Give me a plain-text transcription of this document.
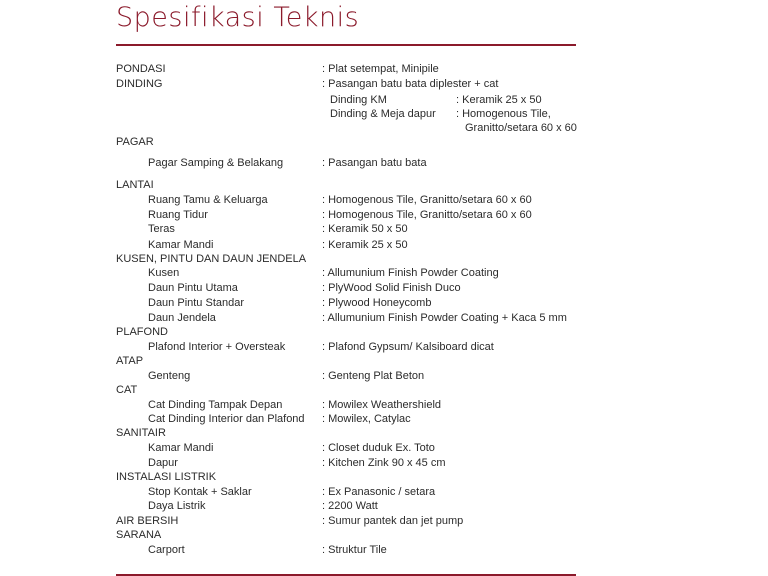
Spesifikasi Teknis
PONDASI	: Plat setempat, Minipile
DINDING	: Pasangan batu bata diplester + cat
Dinding KM	: Keramik 25 x 50
Dinding & Meja dapur : Homogenous Tile,
Granitto/setara 60 x 60
PAGAR
Pagar Samping & Belakang	: Pasangan batu bata
LANTAI
Ruang Tamu & Keluarga	: Homogenous Tile, Granitto/setara 60 x 60
Ruang Tidur	: Homogenous Tile, Granitto/setara 60 x 60
Teras	: Keramik 50 x 50
Kamar Mandi	: Keramik 25 x 50
KUSEN, PINTU DAN DAUN JENDELA
Kusen	: Allumunium Finish Powder Coating
Daun Pintu Utama	: PlyWood Solid Finish Duco
Daun Pintu Standar	: Plywood Honeycomb
Daun Jendela	: Allumunium Finish Powder Coating + Kaca 5 mm
PLAFOND
Plafond Interior + Oversteak	: Plafond Gypsum/ Kalsiboard dicat
ATAP
Genteng	: Genteng Plat Beton
CAT
Cat Dinding Tampak Depan	: Mowilex Weathershield
Cat Dinding Interior dan Plafond : Mowilex, Catylac
SANITAIR
Kamar Mandi	: Closet duduk Ex. Toto
Dapur	: Kitchen Zink 90 x 45 cm
INSTALASI LISTRIK
Stop Kontak + Saklar	: Ex Panasonic / setara
Daya Listrik	: 2200 Watt
AIR BERSIH	: Sumur pantek dan jet pump
SARANA
Carport	: Struktur Tile
